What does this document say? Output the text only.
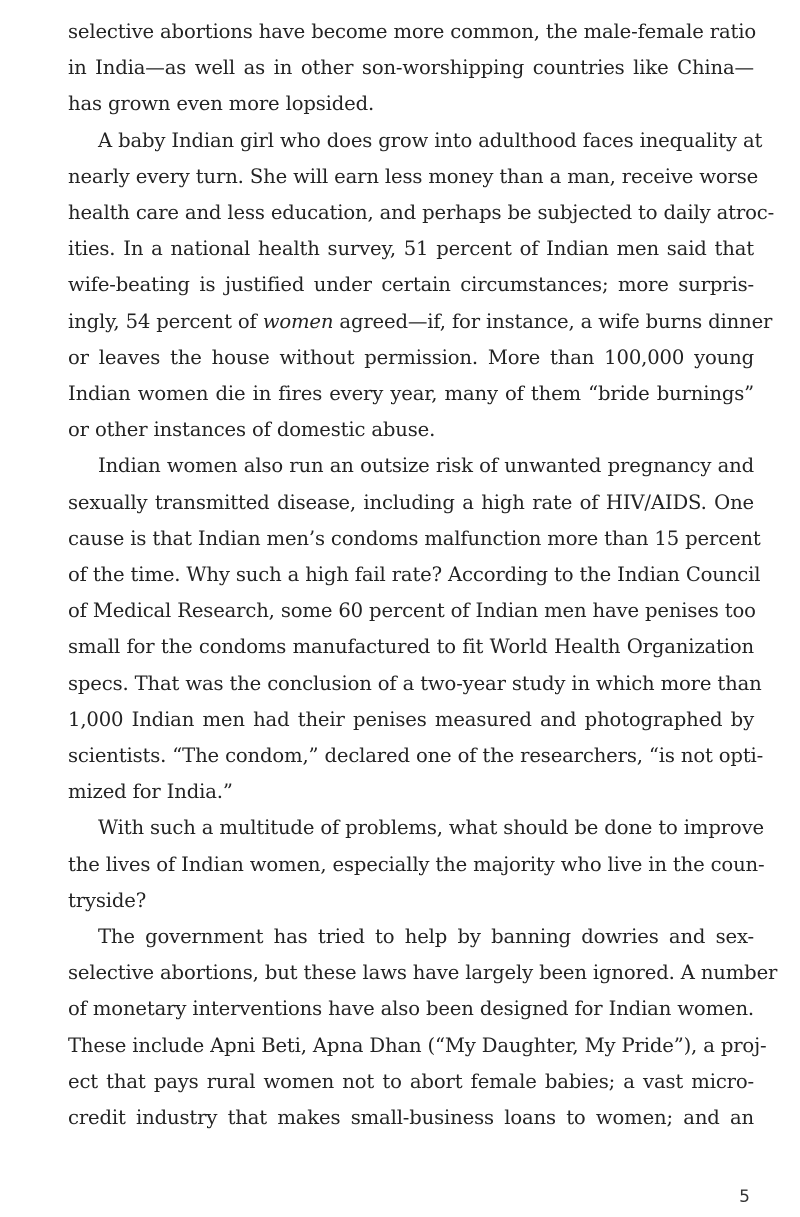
selective abortions have become more common, the male-female ratio
in India—as well as in other son-worshipping countries like China—
has grown even more lopsided.

A baby Indian girl who does grow into adulthood faces inequality at
nearly every turn. She will earn less money than a man, receive worse
health care and less education, and perhaps be subjected to daily atroc-
ities. In a national health survey, 51 percent of Indian men said that
wife-beating is justified under certain circumstances; more surpris-
ingly, 54 percent of women agreed—if, for instance, a wife burns dinner
or leaves the house without permission. More than 100,000 young
Indian women die in fires every year, many of them “bride burnings”
or other instances of domestic abuse.

Indian women also run an outsize risk of unwanted pregnancy and
sexually transmitted disease, including a high rate of HIV/AIDS. One
cause is that Indian men’s condoms malfunction more than 15 percent
of the time. Why such a high fail rate? According to the Indian Council
of Medical Research, some 60 percent of Indian men have penises too
small for the condoms manufactured to fit World Health Organization
specs. That was the conclusion of a two-year study in which more than
1,000 Indian men had their penises measured and photographed by
scientists. “The condom,” declared one of the researchers, “is not opti-
mized for India.”

With such a multitude of problems, what should be done to improve
the lives of Indian women, especially the majority who live in the coun-
tryside?

The government has tried to help by banning dowries and sex-
selective abortions, but these laws have largely been ignored. A number
of monetary interventions have also been designed for Indian women.
These include Apni Beti, Apna Dhan (“My Daughter, My Pride”), a proj-
ect that pays rural women not to abort female babies; a vast micro-
credit industry that makes small-business loans to women; and an

5
